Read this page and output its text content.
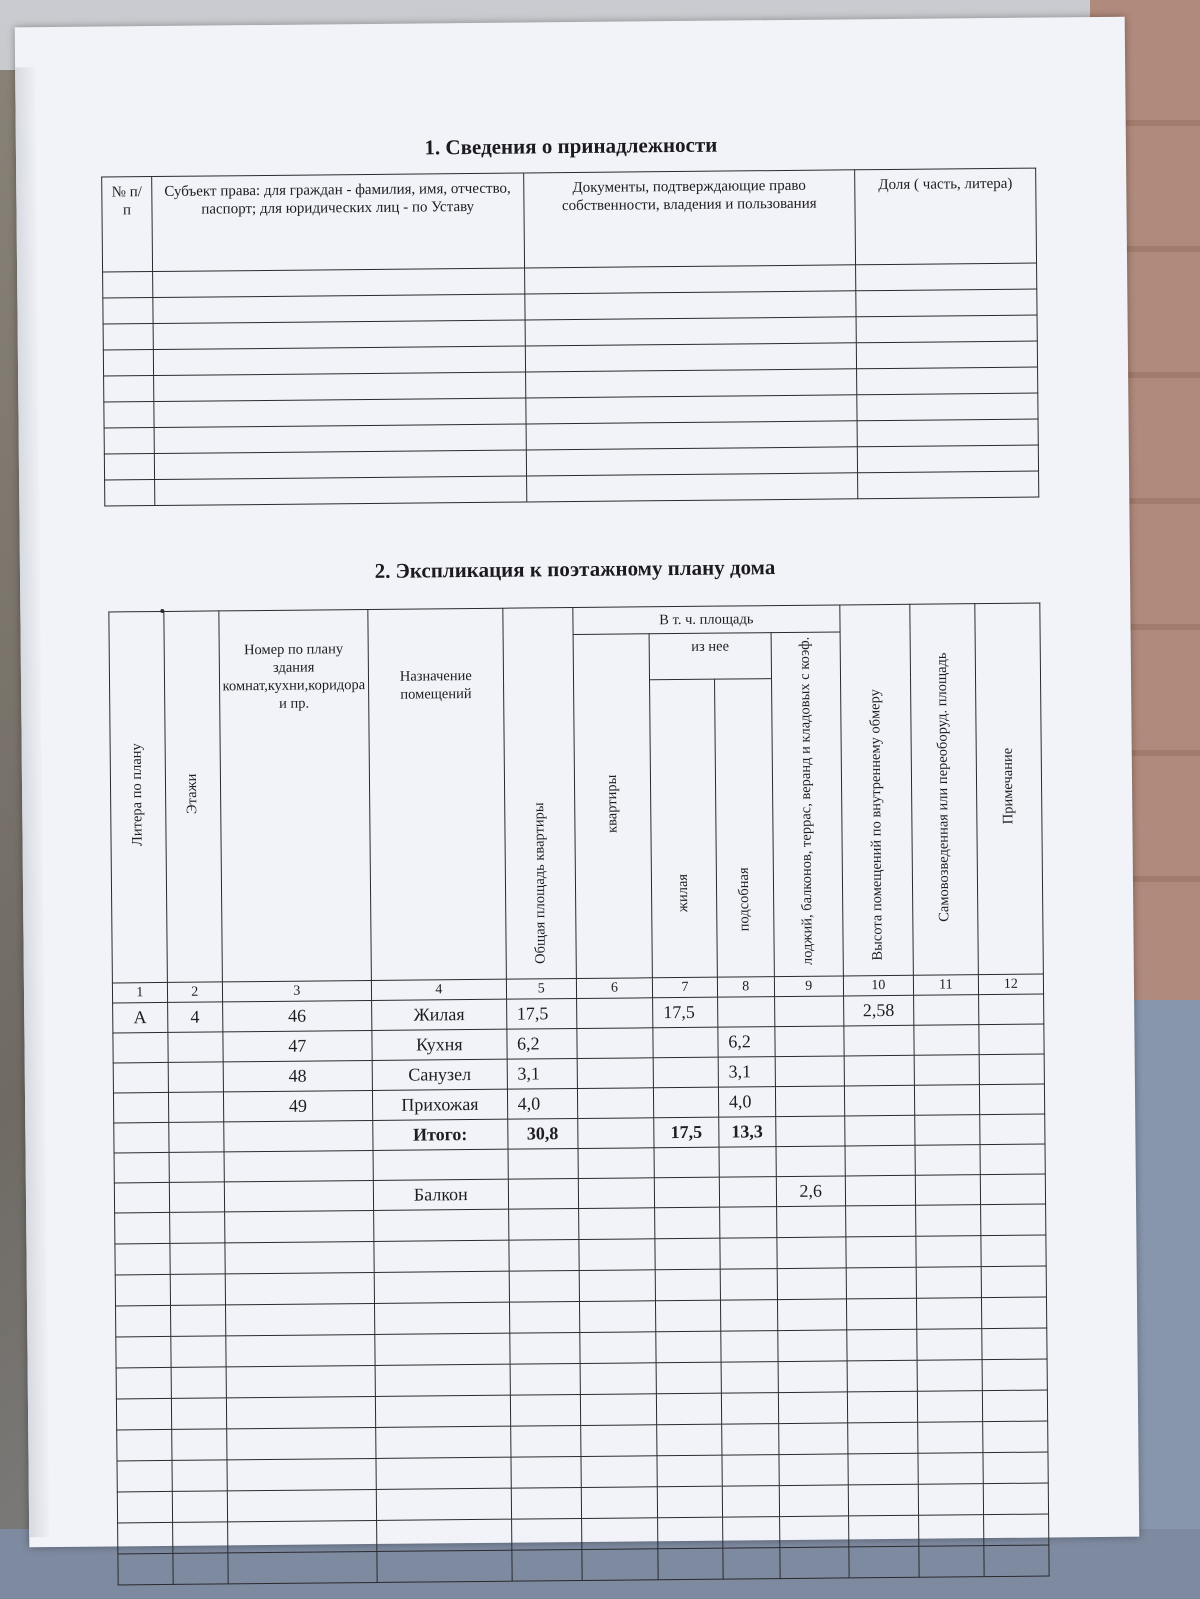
1. Сведения о принадлежности
№ п/п	Субъект права: для граждан - фамилия, имя, отчество, паспорт; для юридических лиц - по Уставу	Документы, подтверждающие право собственности, владения и пользования	Доля ( часть, литера)

2. Экспликация к поэтажному плану дома
Литера по плану	Этажи	Номер по плану здания комнат,кухни,коридора и пр.	Назначение помещений	Общая площадь квартиры	В т. ч. площадь				Высота помещений по внутреннему обмеру	Самовозведенная или переоборуд. площадь	Примечание
					квартиры	из нее		лоджий, балконов, террас, веранд и кладовых с коэф.			
						жилая	подсобная				
1	2	3	4	5	6	7	8	9	10	11	12
А	4	46	Жилая	17,5		17,5			2,58		
		47	Кухня	6,2			6,2				
		48	Санузел	3,1			3,1				
		49	Прихожая	4,0			4,0				
			Итого:	30,8		17,5	13,3				

			Балкон					2,6			
